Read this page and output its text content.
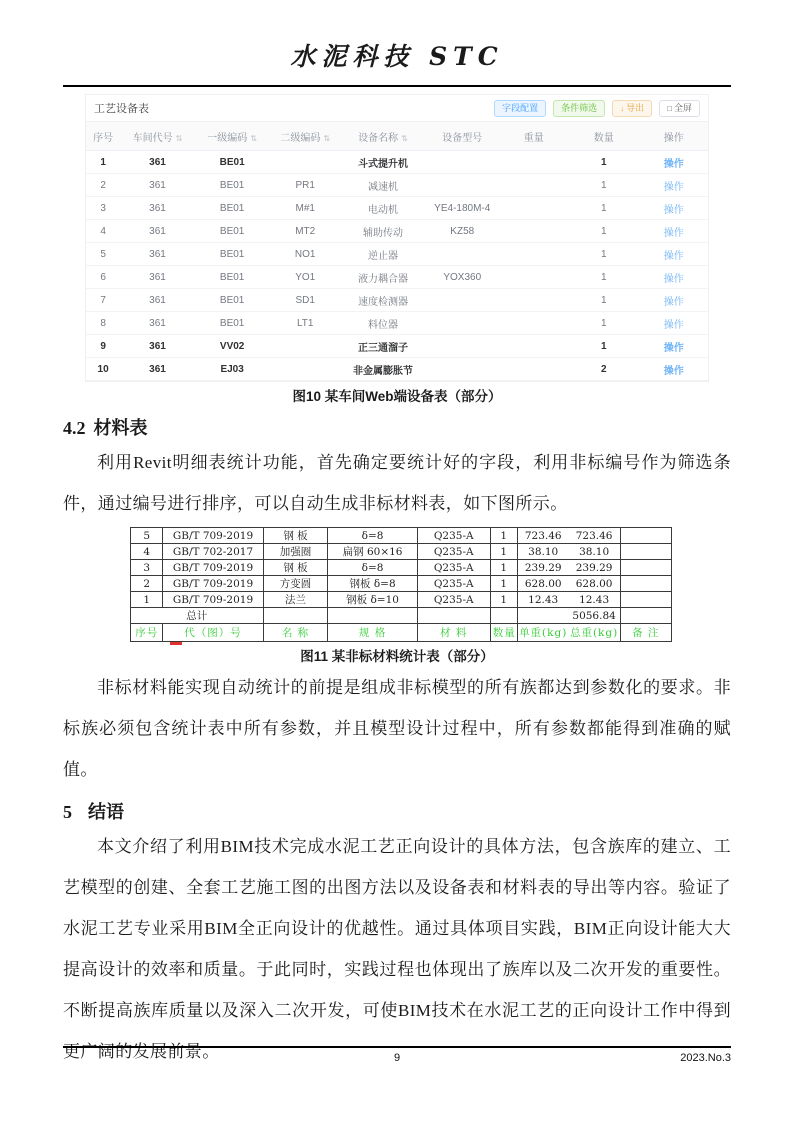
水泥科技 STC
工艺设备表	字段配置	条件筛选	↓ 导出	□ 全屏
序号	车间代号 ⇅	一级编码 ⇅	二级编码 ⇅	设备名称 ⇅	设备型号	重量	数量	操作
1	361	BE01		斗式提升机			1	操作
2	361	BE01	PR1	减速机			1	操作
3	361	BE01	M#1	电动机	YE4-180M-4		1	操作
4	361	BE01	MT2	辅助传动	KZ58		1	操作
5	361	BE01	NO1	逆止器			1	操作
6	361	BE01	YO1	液力耦合器	YOX360		1	操作
7	361	BE01	SD1	速度检测器			1	操作
8	361	BE01	LT1	料位器			1	操作
9	361	VV02		正三通溜子			1	操作
10	361	EJ03		非金属膨胀节			2	操作
图10 某车间Web端设备表（部分）
4.2 材料表

利用Revit明细表统计功能，首先确定要统计好的字段，利用非标编号作为筛选条件，通过编号进行排序，可以自动生成非标材料表，如下图所示。

5	GB/T 709-2019	钢 板	δ=8	Q235-A	1	723.46 723.46	
4	GB/T 702-2017	加强圈	扁钢 60×16	Q235-A	1	38.10 38.10	
3	GB/T 709-2019	钢 板	δ=8	Q235-A	1	239.29 239.29	
2	GB/T 709-2019	方变圆	钢板 δ=8	Q235-A	1	628.00 628.00	
1	GB/T 709-2019	法兰	钢板 δ=10	Q235-A	1	12.43 12.43	
总计						5056.84	
序号	代（图）号	名 称	规 格	材 料	数量	单重(kg) 总重(kg)	备 注
图11 某非标材料统计表（部分）

非标材料能实现自动统计的前提是组成非标模型的所有族都达到参数化的要求。非标族必须包含统计表中所有参数，并且模型设计过程中，所有参数都能得到准确的赋值。

5 结语

本文介绍了利用BIM技术完成水泥工艺正向设计的具体方法，包含族库的建立、工艺模型的创建、全套工艺施工图的出图方法以及设备表和材料表的导出等内容。验证了水泥工艺专业采用BIM全正向设计的优越性。通过具体项目实践，BIM正向设计能大大提高设计的效率和质量。于此同时，实践过程也体现出了族库以及二次开发的重要性。不断提高族库质量以及深入二次开发，可使BIM技术在水泥工艺的正向设计工作中得到更广阔的发展前景。	9	2023.No.3
